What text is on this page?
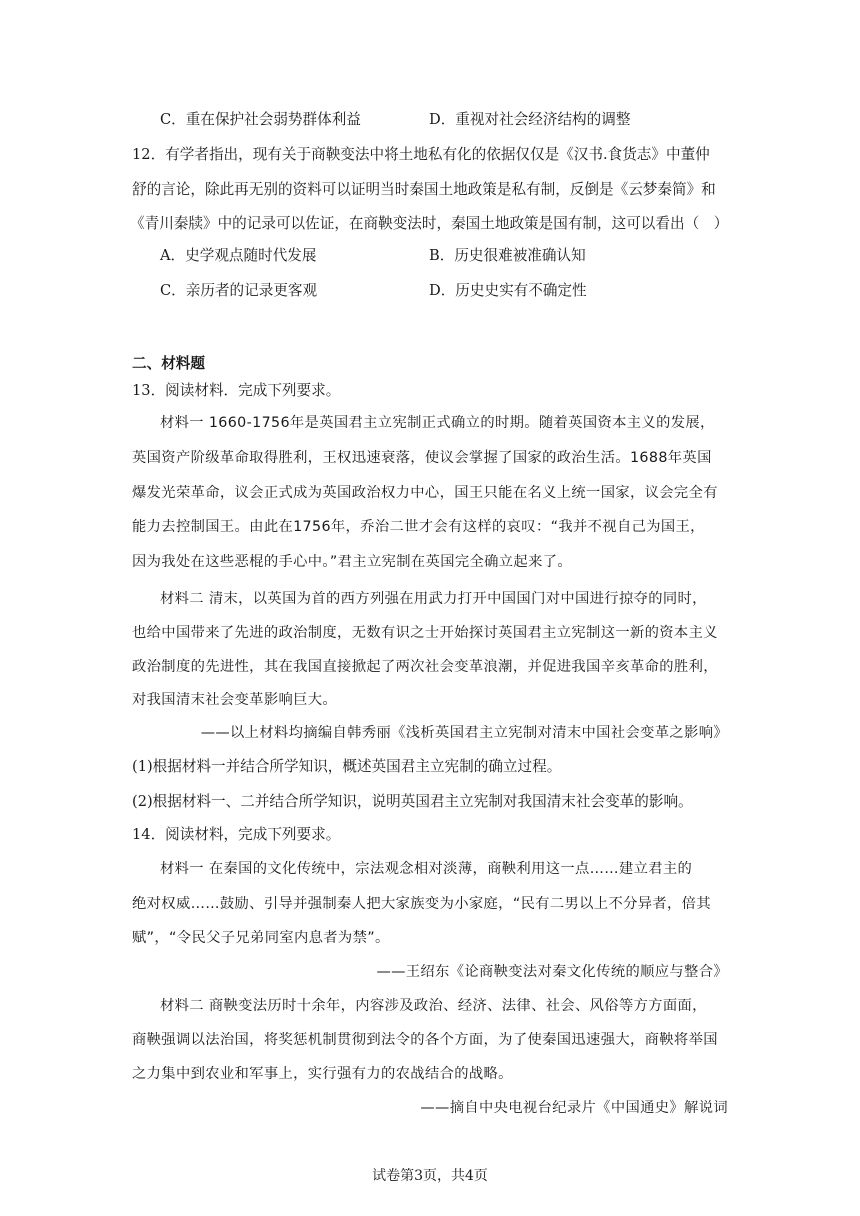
C．重在保护社会弱势群体利益	D．重视对社会经济结构的调整
12．有学者指出，现有关于商鞅变法中将土地私有化的依据仅仅是《汉书.食货志》中董仲
舒的言论，除此再无别的资料可以证明当时秦国土地政策是私有制，反倒是《云梦秦简》和
《青川秦牍》中的记录可以佐证，在商鞅变法时，秦国土地政策是国有制，这可以看出（　）
A．史学观点随时代发展	B．历史很难被准确认知
C．亲历者的记录更客观	D．历史史实有不确定性
二、材料题
13．阅读材料．完成下列要求。
材料一 1660-1756年是英国君主立宪制正式确立的时期。随着英国资本主义的发展，
英国资产阶级革命取得胜利，王权迅速衰落，使议会掌握了国家的政治生活。1688年英国
爆发光荣革命，议会正式成为英国政治权力中心，国王只能在名义上统一国家，议会完全有
能力去控制国王。由此在1756年，乔治二世才会有这样的哀叹：“我并不视自己为国王，
因为我处在这些恶棍的手心中。”君主立宪制在英国完全确立起来了。
材料二 清末，以英国为首的西方列强在用武力打开中国国门对中国进行掠夺的同时，
也给中国带来了先进的政治制度，无数有识之士开始探讨英国君主立宪制这一新的资本主义
政治制度的先进性，其在我国直接掀起了两次社会变革浪潮，并促进我国辛亥革命的胜利，
对我国清末社会变革影响巨大。
——以上材料均摘编自韩秀丽《浅析英国君主立宪制对清末中国社会变革之影响》
(1)根据材料一并结合所学知识，概述英国君主立宪制的确立过程。
(2)根据材料一、二并结合所学知识，说明英国君主立宪制对我国清末社会变革的影响。
14．阅读材料，完成下列要求。
材料一 在秦国的文化传统中，宗法观念相对淡薄，商鞅利用这一点……建立君主的
绝对权威……鼓励、引导并强制秦人把大家族变为小家庭，“民有二男以上不分异者，倍其
赋”，“令民父子兄弟同室内息者为禁”。
——王绍东《论商鞅变法对秦文化传统的顺应与整合》
材料二 商鞅变法历时十余年，内容涉及政治、经济、法律、社会、风俗等方方面面，
商鞅强调以法治国，将奖惩机制贯彻到法令的各个方面，为了使秦国迅速强大，商鞅将举国
之力集中到农业和军事上，实行强有力的农战结合的战略。
——摘自中央电视台纪录片《中国通史》解说词
试卷第3页，共4页
